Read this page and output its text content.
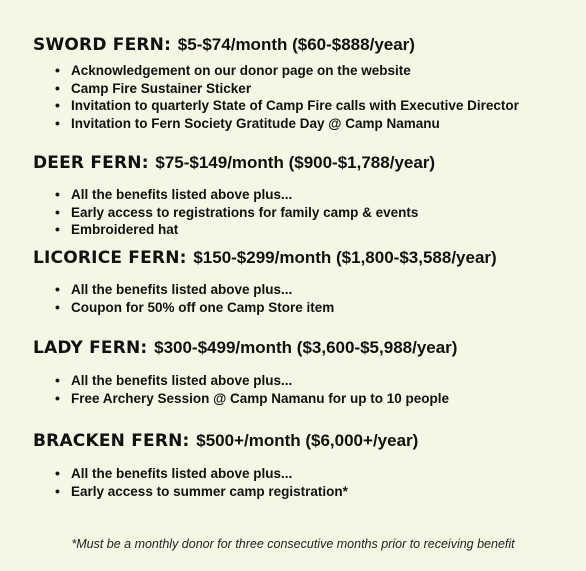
SWORD FERN: $5-$74/month ($60-$888/year)
• Acknowledgement on our donor page on the website
• Camp Fire Sustainer Sticker
• Invitation to quarterly State of Camp Fire calls with Executive Director
• Invitation to Fern Society Gratitude Day @ Camp Namanu
DEER FERN: $75-$149/month ($900-$1,788/year)
• All the benefits listed above plus...
• Early access to registrations for family camp & events
• Embroidered hat
LICORICE FERN: $150-$299/month ($1,800-$3,588/year)
• All the benefits listed above plus...
• Coupon for 50% off one Camp Store item
LADY FERN: $300-$499/month ($3,600-$5,988/year)
• All the benefits listed above plus...
• Free Archery Session @ Camp Namanu for up to 10 people
BRACKEN FERN: $500+/month ($6,000+/year)
• All the benefits listed above plus...
• Early access to summer camp registration*

*Must be a monthly donor for three consecutive months prior to receiving benefit
